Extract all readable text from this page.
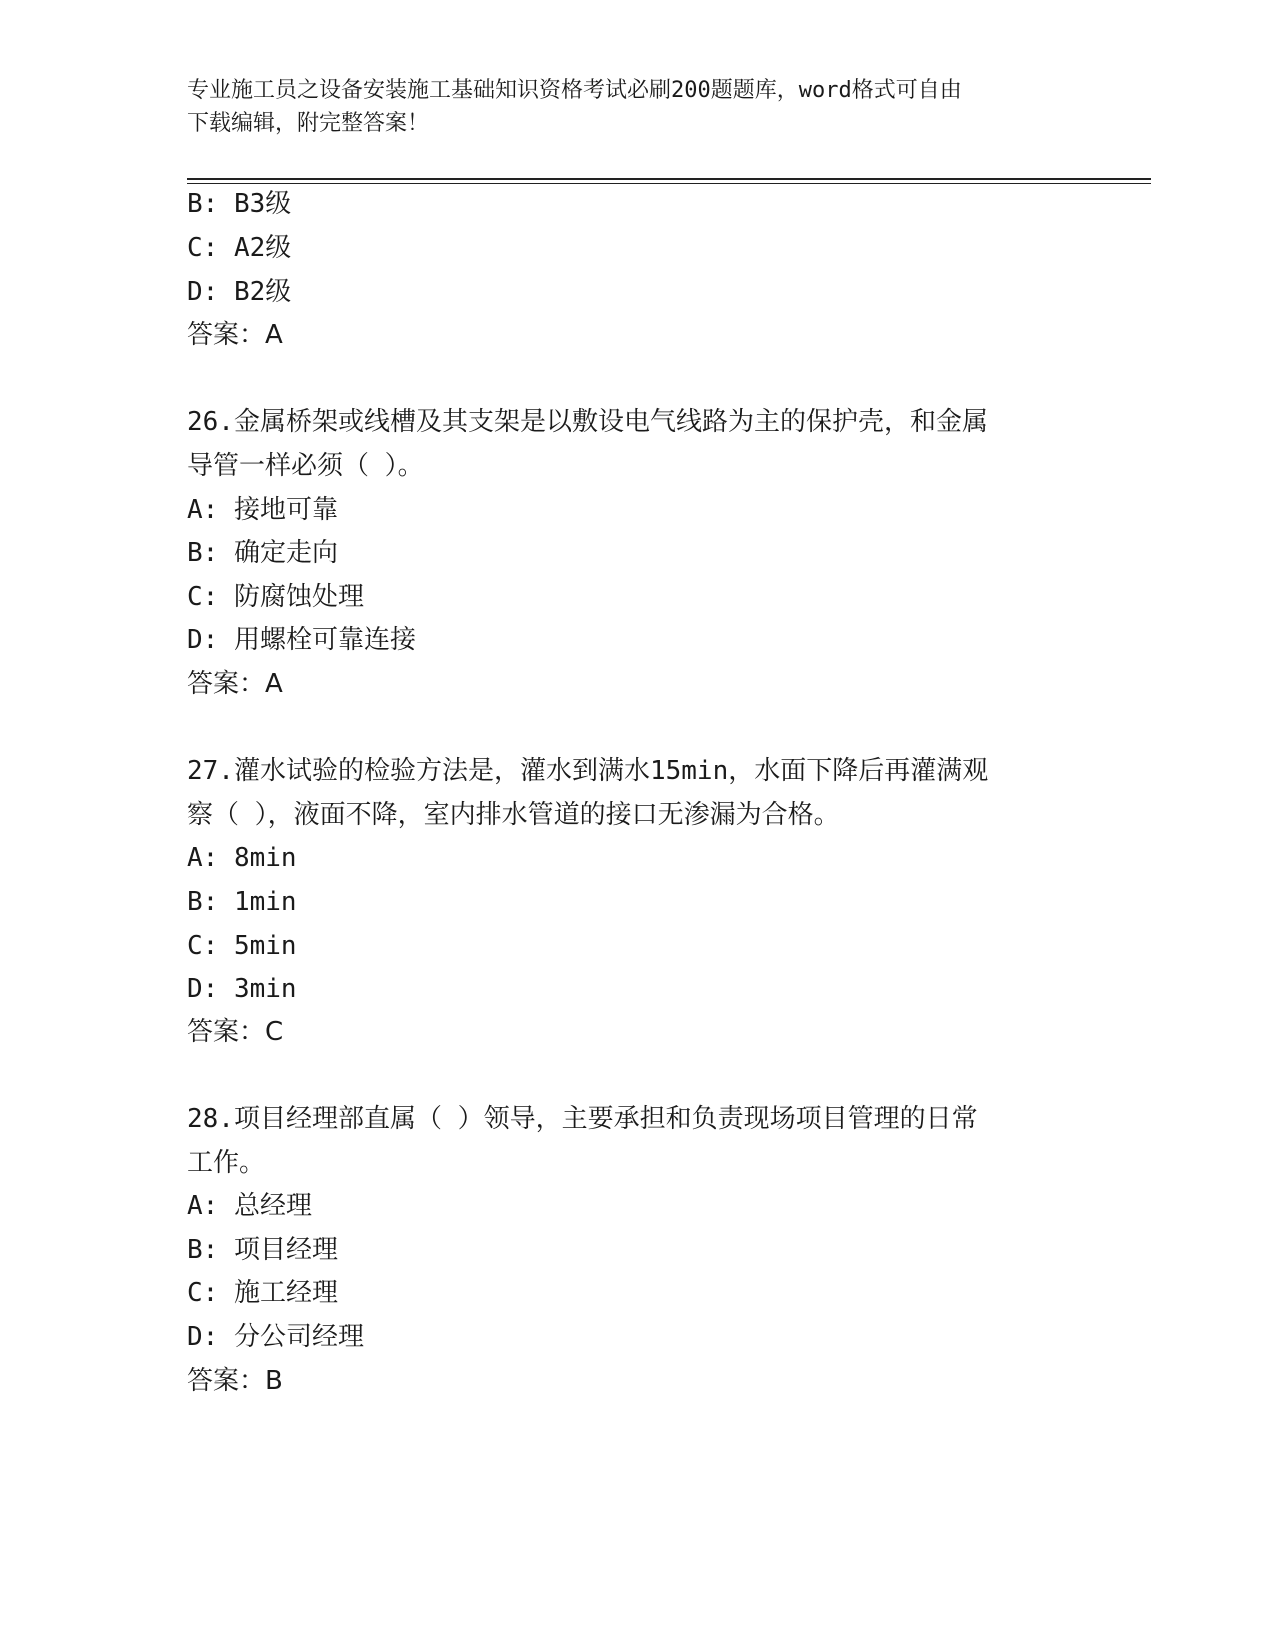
专业施工员之设备安装施工基础知识资格考试必刷200题题库，word格式可自由
下载编辑，附完整答案！
B: B3级
C: A2级
D: B2级
答案：A
26.金属桥架或线槽及其支架是以敷设电气线路为主的保护壳，和金属
导管一样必须（ ）。
A: 接地可靠
B: 确定走向
C: 防腐蚀处理
D: 用螺栓可靠连接
答案：A
27.灌水试验的检验方法是，灌水到满水15min，水面下降后再灌满观
察（ ），液面不降，室内排水管道的接口无渗漏为合格。
A: 8min
B: 1min
C: 5min
D: 3min
答案：C
28.项目经理部直属（ ）领导，主要承担和负责现场项目管理的日常
工作。
A: 总经理
B: 项目经理
C: 施工经理
D: 分公司经理
答案：B
